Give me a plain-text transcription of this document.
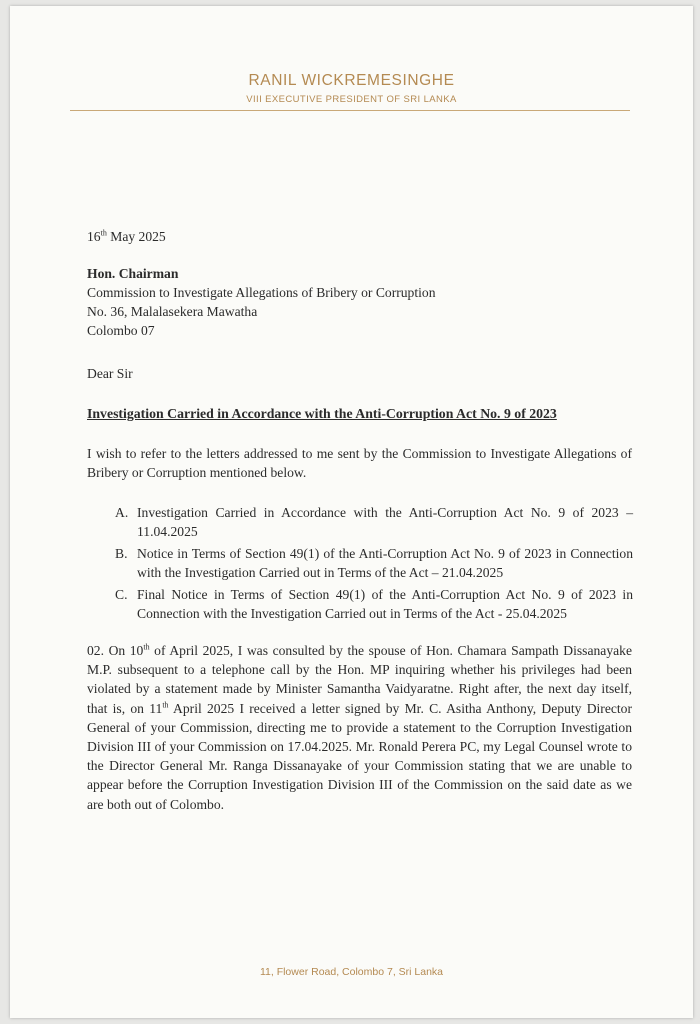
RANIL WICKREMESINGHE
VIII EXECUTIVE PRESIDENT OF SRI LANKA
16th May 2025
Hon. Chairman
Commission to Investigate Allegations of Bribery or Corruption
No. 36, Malalasekera Mawatha
Colombo 07
Dear Sir
Investigation Carried in Accordance with the Anti-Corruption Act No. 9 of 2023
I wish to refer to the letters addressed to me sent by the Commission to Investigate Allegations of Bribery or Corruption mentioned below.
A. Investigation Carried in Accordance with the Anti-Corruption Act No. 9 of 2023 – 11.04.2025
B. Notice in Terms of Section 49(1) of the Anti-Corruption Act No. 9 of 2023 in Connection with the Investigation Carried out in Terms of the Act – 21.04.2025
C. Final Notice in Terms of Section 49(1) of the Anti-Corruption Act No. 9 of 2023 in Connection with the Investigation Carried out in Terms of the Act - 25.04.2025
02. On 10th of April 2025, I was consulted by the spouse of Hon. Chamara Sampath Dissanayake M.P. subsequent to a telephone call by the Hon. MP inquiring whether his privileges had been violated by a statement made by Minister Samantha Vaidyaratne. Right after, the next day itself, that is, on 11th April 2025 I received a letter signed by Mr. C. Asitha Anthony, Deputy Director General of your Commission, directing me to provide a statement to the Corruption Investigation Division III of your Commission on 17.04.2025. Mr. Ronald Perera PC, my Legal Counsel wrote to the Director General Mr. Ranga Dissanayake of your Commission stating that we are unable to appear before the Corruption Investigation Division III of the Commission on the said date as we are both out of Colombo.
11, Flower Road, Colombo 7, Sri Lanka
